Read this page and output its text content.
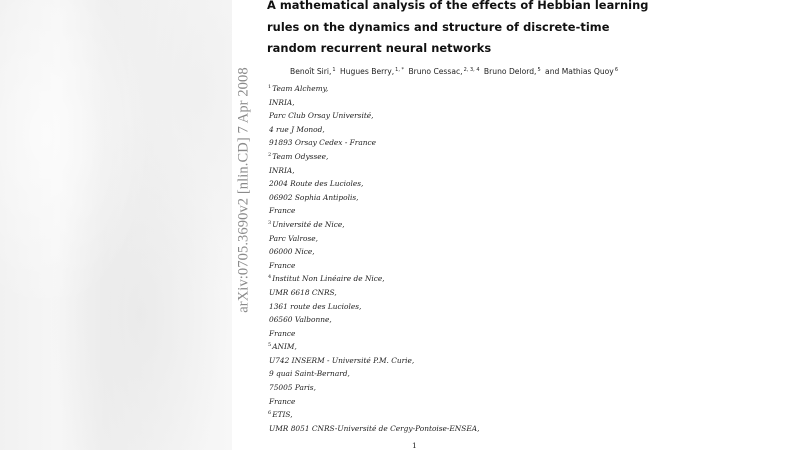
arXiv:0705.3690v2 [nlin.CD] 7 Apr 2008
A mathematical analysis of the effects of Hebbian learning
rules on the dynamics and structure of discrete-time
random recurrent neural networks
Benoît Siri,$^1$ Hugues Berry,$^{1, *}$ Bruno Cessac,$^{2, 3, 4}$ Bruno Delord,$^5$ and Mathias Quoy$^6$
$^1$Team Alchemy,
INRIA,
Parc Club Orsay Université,
4 rue J Monod,
91893 Orsay Cedex - France
$^2$Team Odyssee,
INRIA,
2004 Route des Lucioles,
06902 Sophia Antipolis,
France
$^3$Université de Nice,
Parc Valrose,
06000 Nice,
France
$^4$Institut Non Linéaire de Nice,
UMR 6618 CNRS,
1361 route des Lucioles,
06560 Valbonne,
France
$^5$ANIM,
U742 INSERM - Université P.M. Curie,
9 quai Saint-Bernard,
75005 Paris,
France
$^6$ETIS,
UMR 8051 CNRS-Université de Cergy-Pontoise-ENSEA,
1
